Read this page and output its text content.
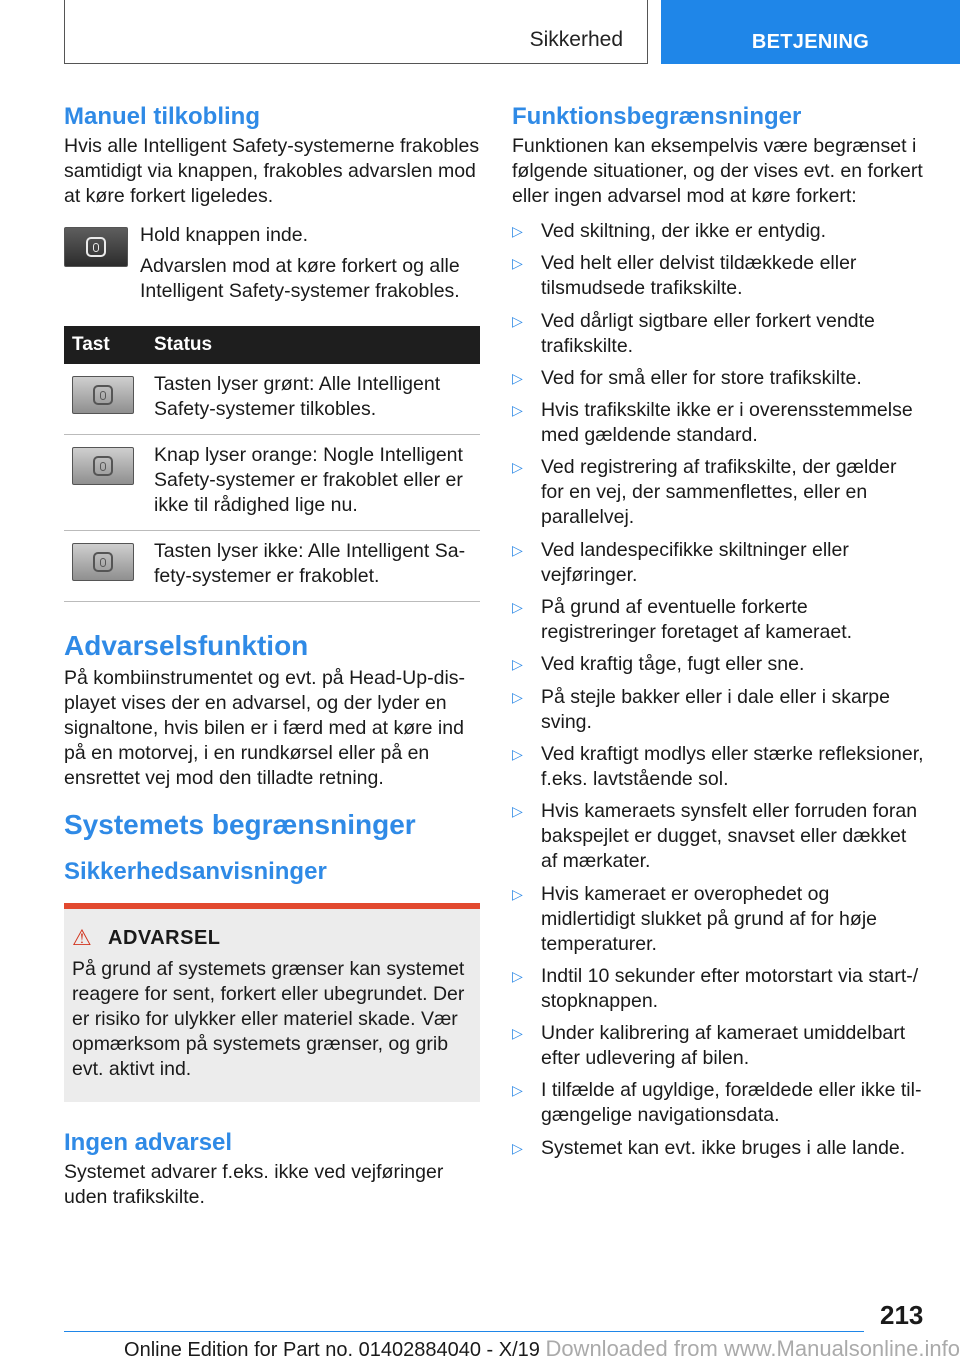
Sikkerhed	BETJENING
Manuel tilkobling

Hvis alle Intelligent Safety-systemerne frakobles samtidigt via knappen, frakobles advarslen mod at køre forkert ligeledes.

Hold knappen inde.

Advarslen mod at køre forkert og alle Intelligent Safety-systemer frakobles.

Tast	Status

	Tasten lyser grønt: Alle Intelligent Safety-systemer tilkobles.

	Knap lyser orange: Nogle Intelligent Safety-systemer er frakoblet eller er ikke til rådighed lige nu.

	Tasten lyser ikke: Alle Intelligent Safety-systemer er frakoblet.
Advarselsfunktion

På kombiinstrumentet og evt. på Head-Up-displayet vises der en advarsel, og der lyder en signaltone, hvis bilen er i færd med at køre ind på en motorvej, i en rundkørsel eller på en ensrettet vej mod den tilladte retning.

Systemets begrænsninger
Sikkerhedsanvisninger
⚠ ADVARSEL

På grund af systemets grænser kan systemet reagere for sent, forkert eller ubegrundet. Der er risiko for ulykker eller materiel skade. Vær opmærksom på systemets grænser, og grib evt. aktivt ind.

Ingen advarsel

Systemet advarer f.eks. ikke ved vejføringer uden trafikskilte.

Funktionsbegrænsninger

Funktionen kan eksempelvis være begrænset i følgende situationer, og der vises evt. en forkert eller ingen advarsel mod at køre forkert:

▷ Ved skiltning, der ikke er entydig.
▷ Ved helt eller delvist tildækkede eller tilsmudsede trafikskilte.
▷ Ved dårligt sigtbare eller forkert vendte trafikskilte.
▷ Ved for små eller for store trafikskilte.
▷ Hvis trafikskilte ikke er i overensstemmelse med gældende standard.
▷ Ved registrering af trafikskilte, der gælder for en vej, der sammenflettes, eller en parallelvej.
▷ Ved landespecifikke skiltninger eller vejføringer.
▷ På grund af eventuelle forkerte registreringer foretaget af kameraet.
▷ Ved kraftig tåge, fugt eller sne.
▷ På stejle bakker eller i dale eller i skarpe sving.
▷ Ved kraftigt modlys eller stærke refleksioner, f.eks. lavtstående sol.
▷ Hvis kameraets synsfelt eller forruden foran bakspejlet er dugget, snavset eller dækket af mærkater.
▷ Hvis kameraet er overophedet og midlertidigt slukket på grund af for høje temperaturer.
▷ Indtil 10 sekunder efter motorstart via start-/ stopknappen.
▷ Under kalibrering af kameraet umiddelbart efter udlevering af bilen.
▷ I tilfælde af ugyldige, forældede eller ikke tilgængelige navigationsdata.
▷ Systemet kan evt. ikke bruges i alle lande.
213
Online Edition for Part no. 01402884040 - X/19 Downloaded from www.Manualsonline.info
